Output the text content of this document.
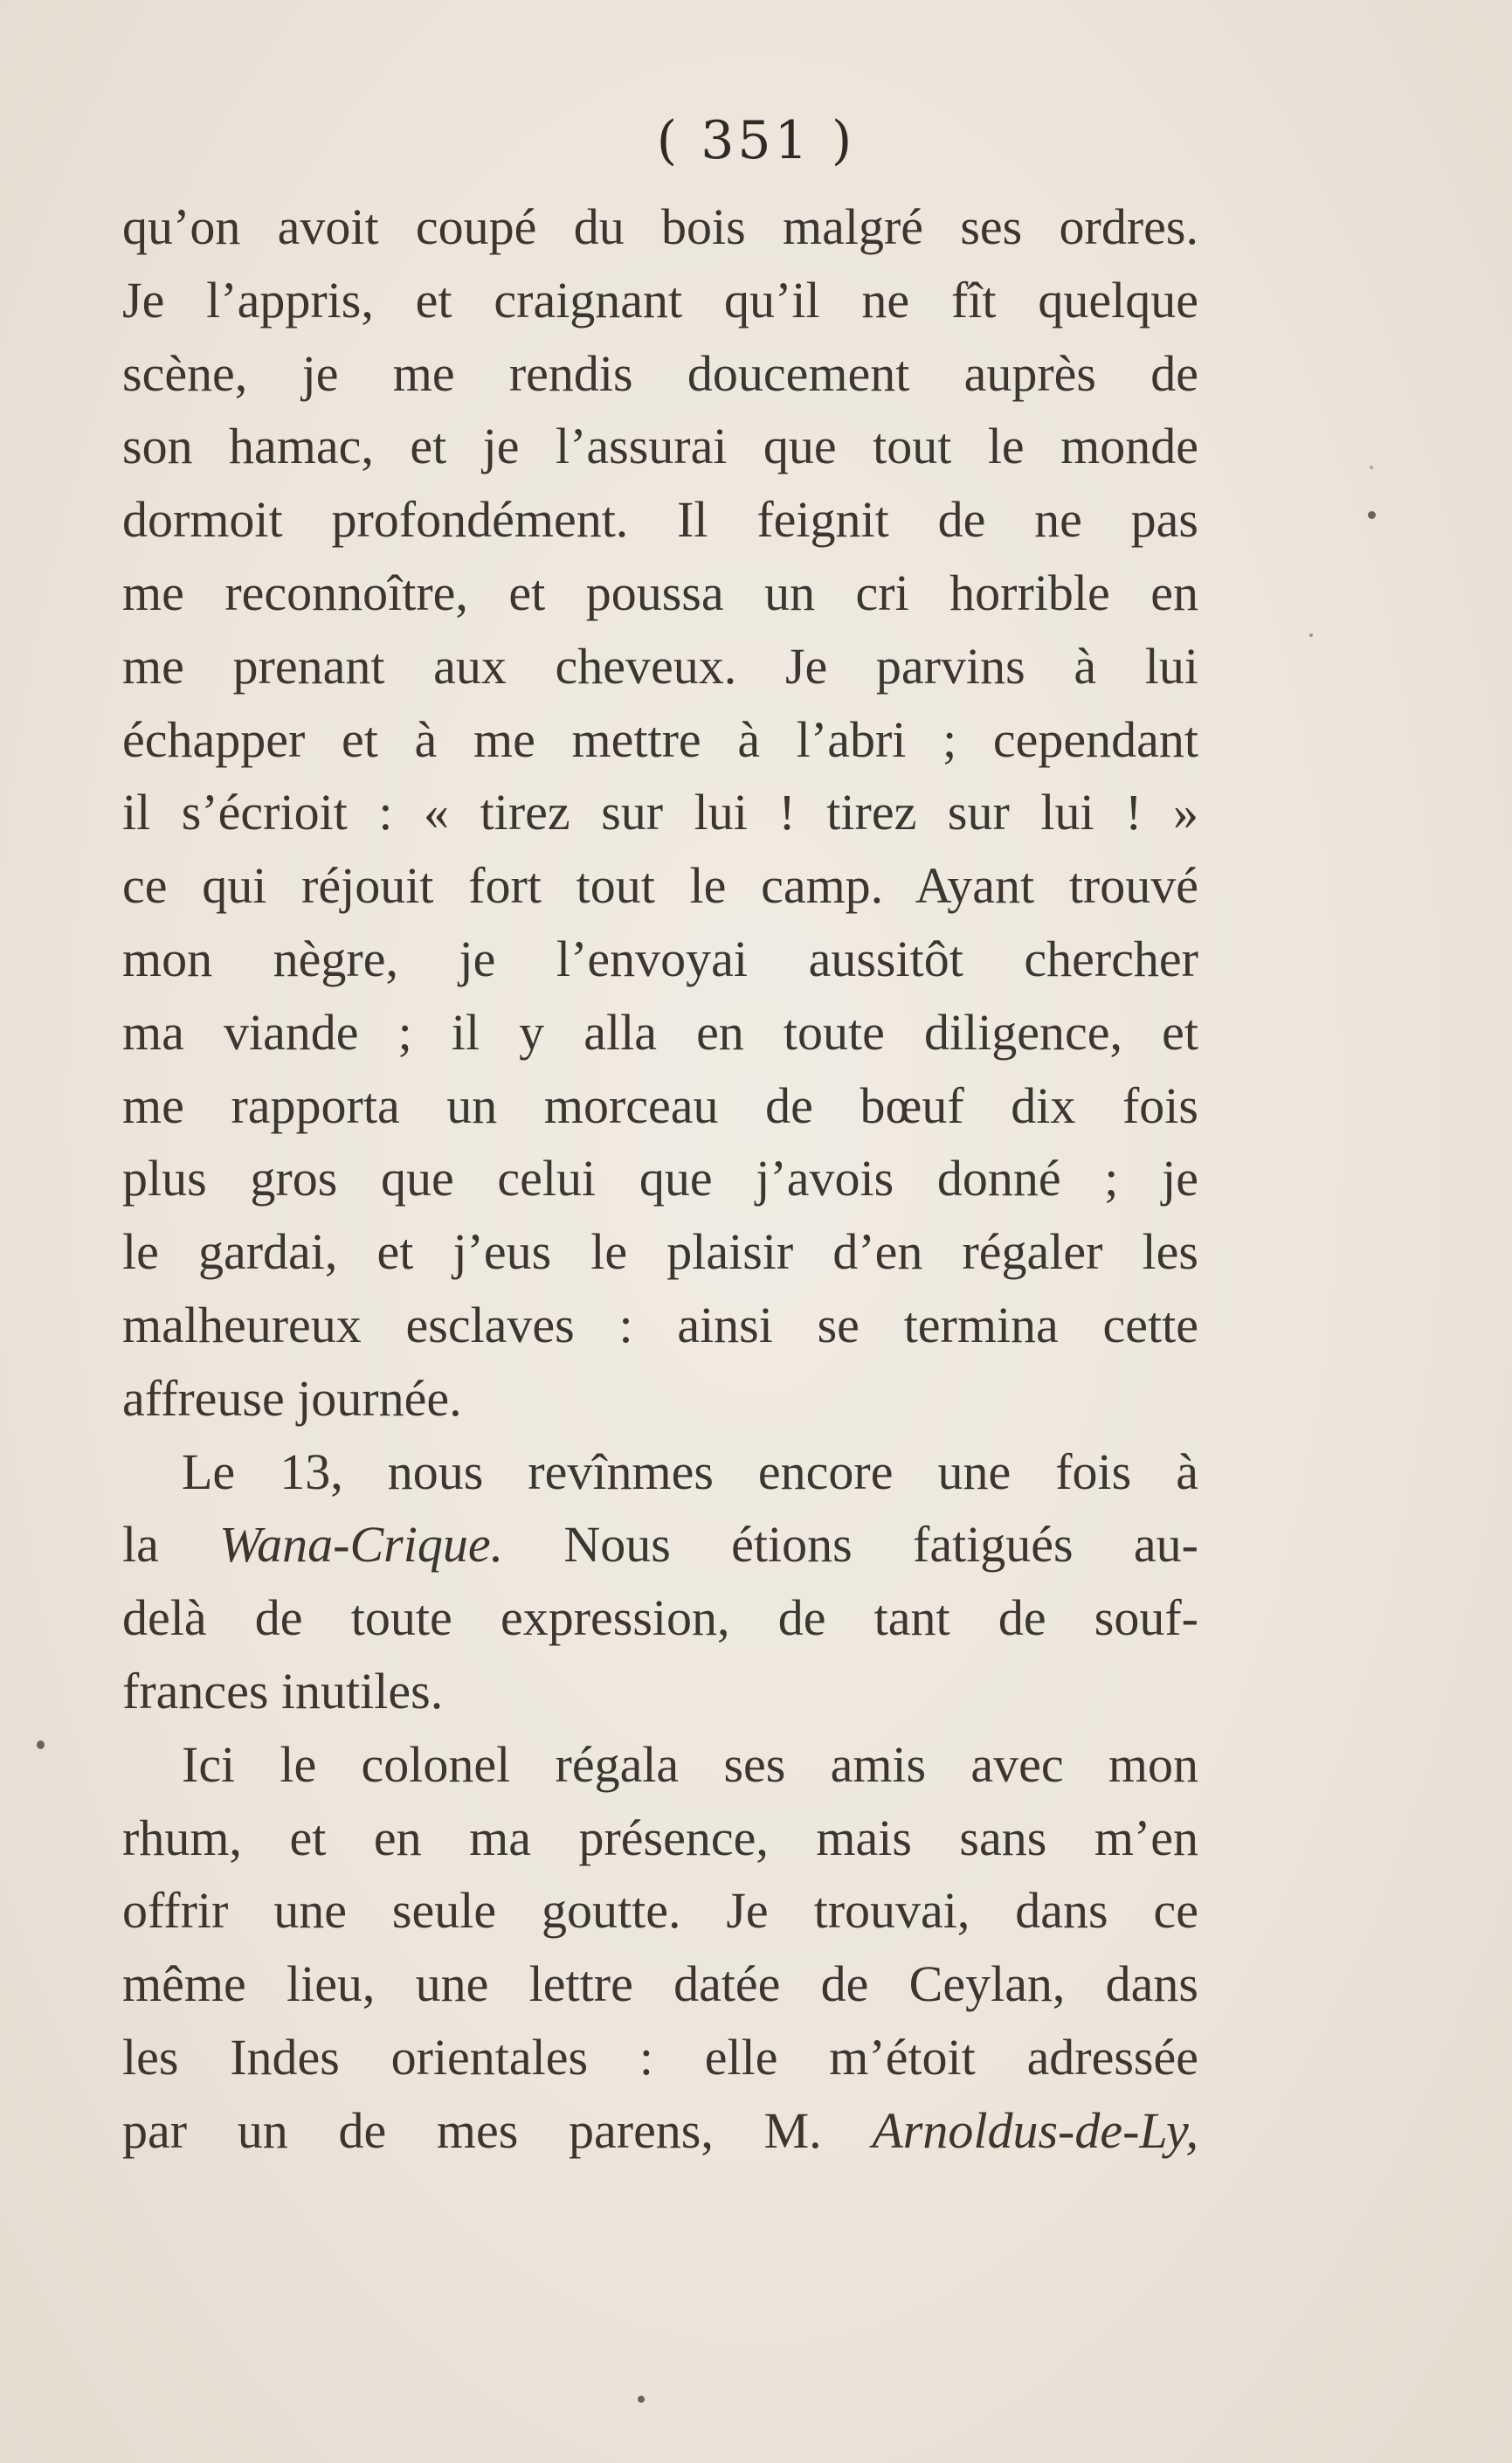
( 351 )
qu’on avoit coupé du bois malgré ses ordres.
Je l’appris, et craignant qu’il ne fît quelque
scène, je me rendis doucement auprès de
son hamac, et je l’assurai que tout le monde
dormoit profondément. Il feignit de ne pas
me reconnoître, et poussa un cri horrible en
me prenant aux cheveux. Je parvins à lui
échapper et à me mettre à l’abri ; cependant
il s’écrioit : « tirez sur lui ! tirez sur lui ! »
ce qui réjouit fort tout le camp. Ayant trouvé
mon nègre, je l’envoyai aussitôt chercher
ma viande ; il y alla en toute diligence, et
me rapporta un morceau de bœuf dix fois
plus gros que celui que j’avois donné ; je
le gardai, et j’eus le plaisir d’en régaler les
malheureux esclaves : ainsi se termina cette
affreuse journée.
Le 13, nous revînmes encore une fois à
la Wana-Crique. Nous étions fatigués au-
delà de toute expression, de tant de souf-
frances inutiles.
Ici le colonel régala ses amis avec mon
rhum, et en ma présence, mais sans m’en
offrir une seule goutte. Je trouvai, dans ce
même lieu, une lettre datée de Ceylan, dans
les Indes orientales : elle m’étoit adressée
par un de mes parens, M. Arnoldus-de-Ly,
